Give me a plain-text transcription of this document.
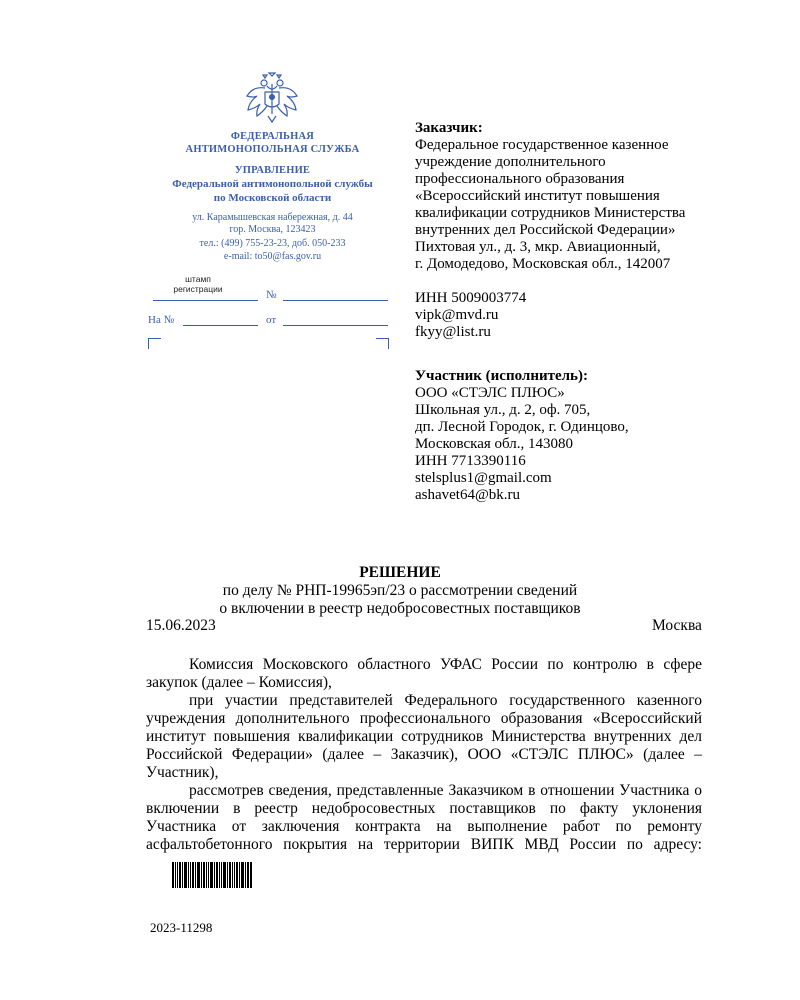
ФЕДЕРАЛЬНАЯ
АНТИМОНОПОЛЬНАЯ СЛУЖБА
УПРАВЛЕНИЕ
Федеральной антимонопольной службы
по Московской области
ул. Карамышевская набережная, д. 44
гор. Москва, 123423
тел.: (499) 755-23-23, доб. 050-233
e-mail: to50@fas.gov.ru
штамп
регистрации
№
На №	от
Заказчик:
Федеральное государственное казенное
учреждение дополнительного
профессионального образования
«Всероссийский институт повышения
квалификации сотрудников Министерства
внутренних дел Российской Федерации»
Пихтовая ул., д. 3, мкр. Авиационный,
г. Домодедово, Московская обл., 142007
ИНН 5009003774
vipk@mvd.ru
fkyy@list.ru
Участник (исполнитель):
ООО «СТЭЛС ПЛЮС»
Школьная ул., д. 2, оф. 705,
дп. Лесной Городок, г. Одинцово,
Московская обл., 143080
ИНН 7713390116
stelsplus1@gmail.com
ashavet64@bk.ru
РЕШЕНИЕ
по делу № РНП-19965эп/23 о рассмотрении сведений
о включении в реестр недобросовестных поставщиков
15.06.2023	Москва

Комиссия Московского областного УФАС России по контролю в сфере закупок (далее – Комиссия),

при участии представителей Федерального государственного казенного учреждения дополнительного профессионального образования «Всероссийский институт повышения квалификации сотрудников Министерства внутренних дел Российской Федерации» (далее – Заказчик), ООО «СТЭЛС ПЛЮС» (далее – Участник),

рассмотрев сведения, представленные Заказчиком в отношении Участника о включении в реестр недобросовестных поставщиков по факту уклонения Участника от заключения контракта на выполнение работ по ремонту асфальтобетонного покрытия на территории ВИПК МВД России по адресу:

2023-11298
